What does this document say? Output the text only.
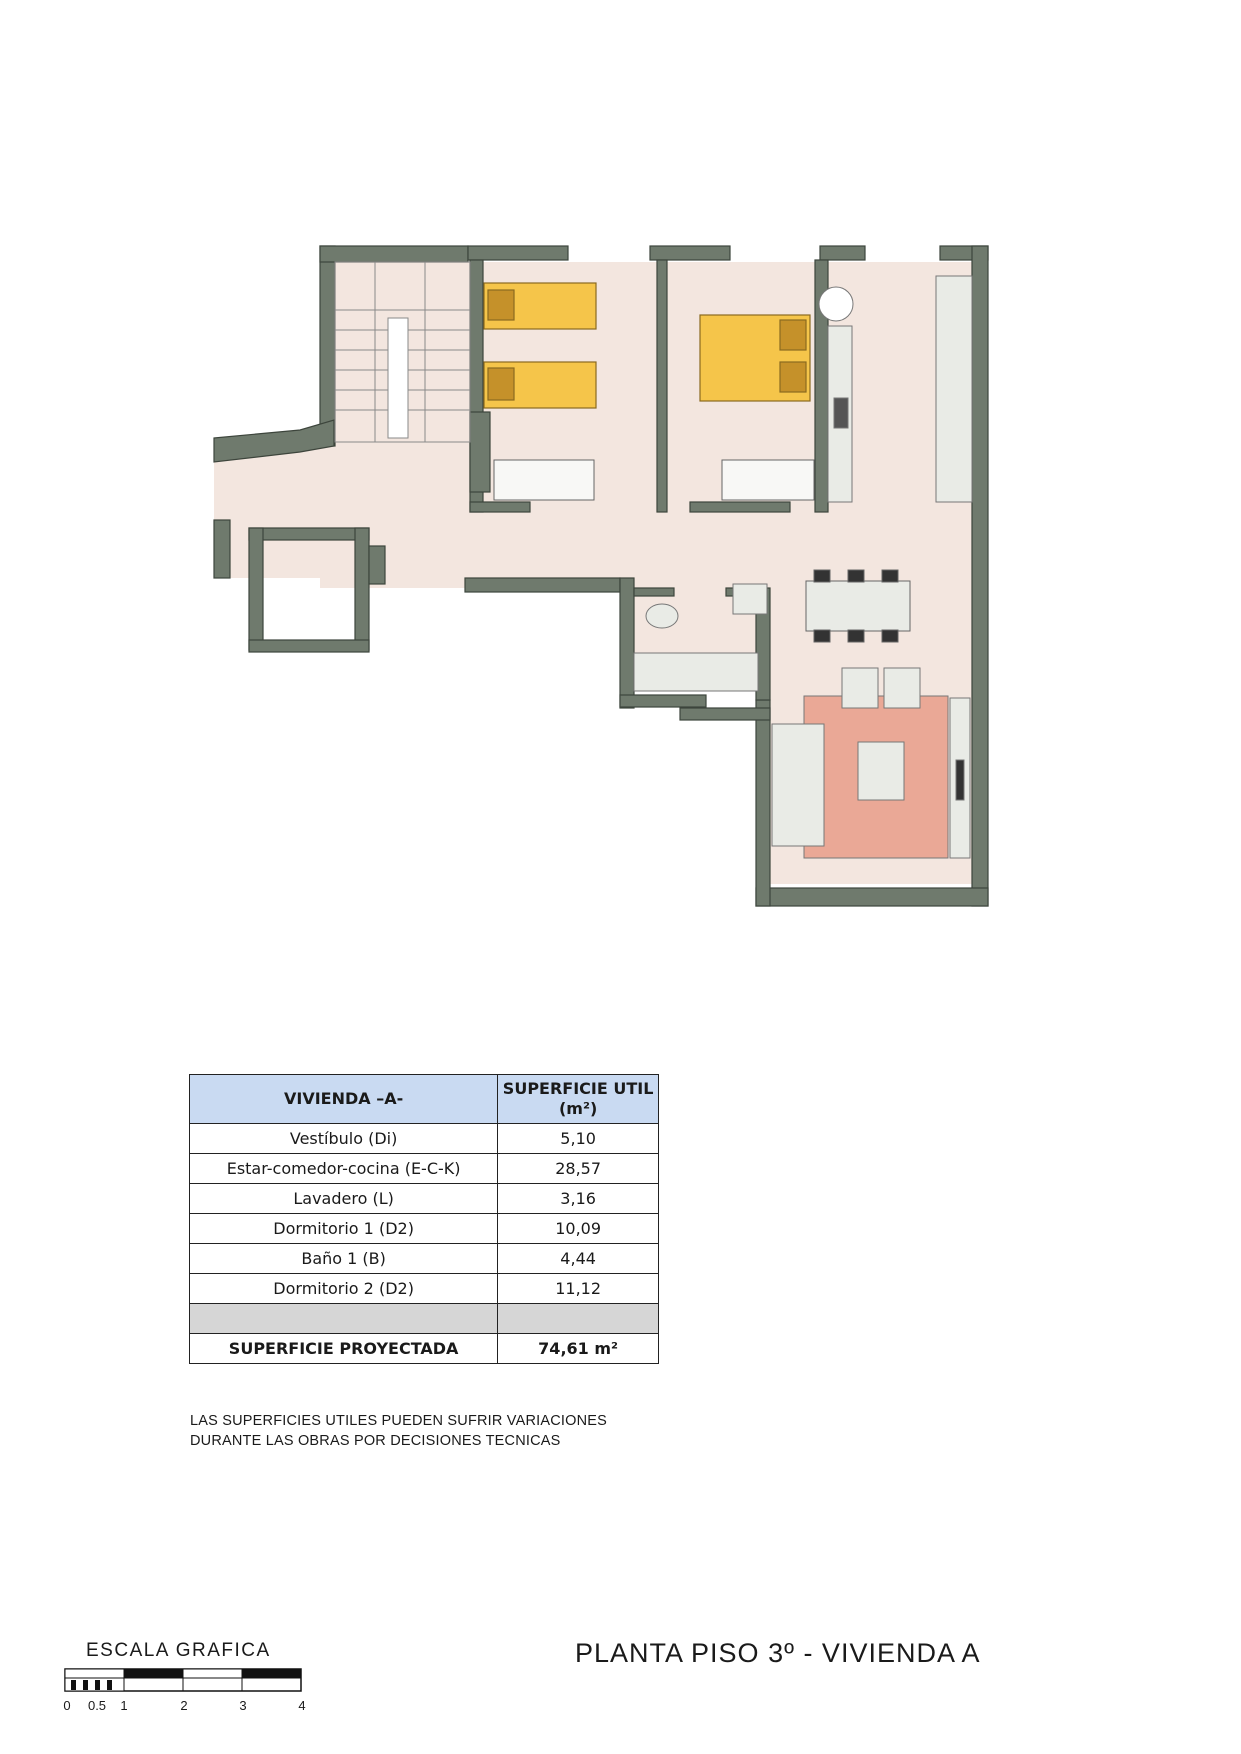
VIVIENDA –A-	SUPERFICIE UTIL
(m²)
Vestíbulo (Di)	5,10
Estar-comedor-cocina (E-C-K)	28,57
Lavadero (L)	3,16
Dormitorio 1 (D2)	10,09
Baño 1 (B)	4,44
Dormitorio 2 (D2)	11,12

SUPERFICIE PROYECTADA	74,61 m²
LAS SUPERFICIES UTILES PUEDEN SUFRIR VARIACIONES
DURANTE LAS OBRAS POR DECISIONES TECNICAS
ESCALA GRAFICA
0 0.5 1	2	3	4
PLANTA PISO 3º - VIVIENDA A
